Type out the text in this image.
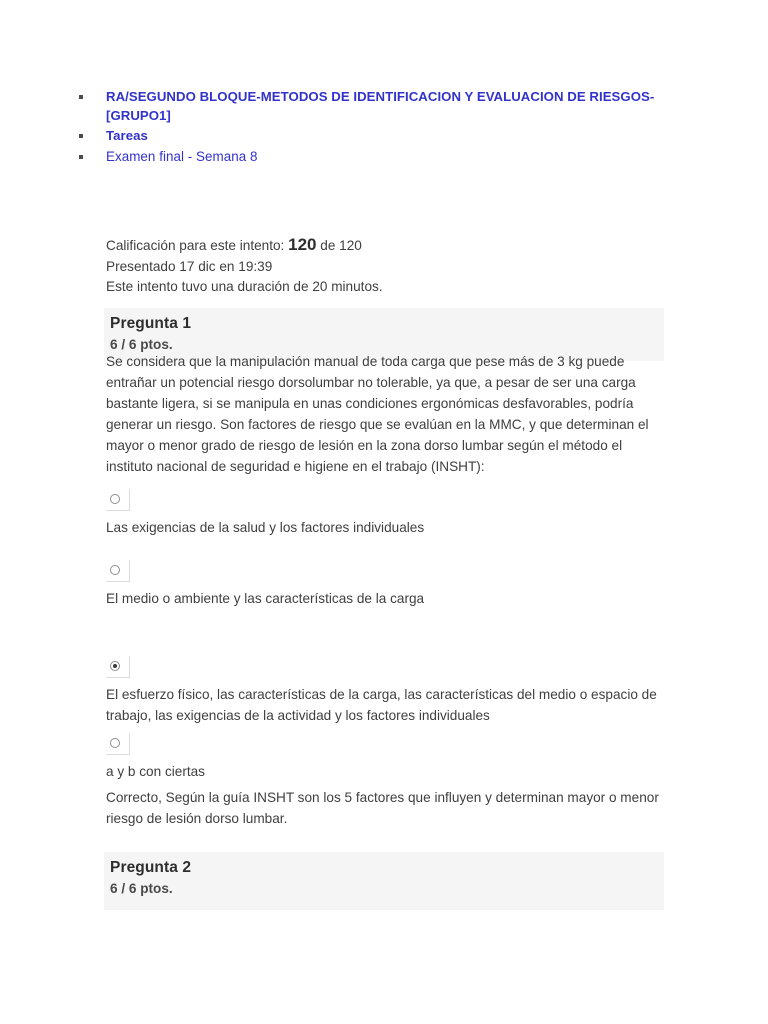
RA/SEGUNDO BLOQUE-METODOS DE IDENTIFICACION Y EVALUACION DE RIESGOS-[GRUPO1]
Tareas
Examen final - Semana 8
Calificación para este intento: 120 de 120
Presentado 17 dic en 19:39
Este intento tuvo una duración de 20 minutos.

Pregunta 1

6 / 6 ptos.

Se considera que la manipulación manual de toda carga que pese más de 3 kg puede entrañar un potencial riesgo dorsolumbar no tolerable, ya que, a pesar de ser una carga bastante ligera, si se manipula en unas condiciones ergonómicas desfavorables, podría generar un riesgo. Son factores de riesgo que se evalúan en la MMC, y que determinan el mayor o menor grado de riesgo de lesión en la zona dorso lumbar según el método el instituto nacional de seguridad e higiene en el trabajo (INSHT):
Las exigencias de la salud y los factores individuales
El medio o ambiente y las características de la carga
El esfuerzo físico, las características de la carga, las características del medio o espacio de trabajo, las exigencias de la actividad y los factores individuales
a y b con ciertas
Correcto, Según la guía INSHT son los 5 factores que influyen y determinan mayor o menor riesgo de lesión dorso lumbar.

Pregunta 2

6 / 6 ptos.
